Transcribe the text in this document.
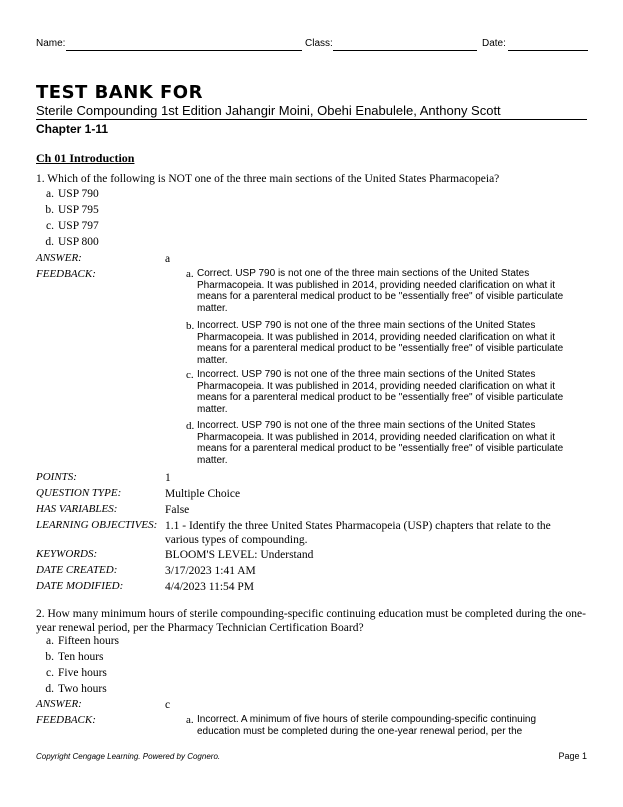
Name:	Class:	Date:
TEST BANK FOR
Sterile Compounding 1st Edition Jahangir Moini, Obehi Enabulele, Anthony Scott
Chapter 1-11
Ch 01 Introduction
1. Which of the following is NOT one of the three main sections of the United States Pharmacopeia?
a. USP 790
b. USP 795
c. USP 797
d. USP 800
ANSWER:	a
FEEDBACK:	a. Correct. USP 790 is not one of the three main sections of the United States Pharmacopeia. It was published in 2014, providing needed clarification on what it means for a parenteral medical product to be "essentially free" of visible particulate matter.
b. Incorrect. USP 790 is not one of the three main sections of the United States Pharmacopeia. It was published in 2014, providing needed clarification on what it means for a parenteral medical product to be "essentially free" of visible particulate matter.
c. Incorrect. USP 790 is not one of the three main sections of the United States Pharmacopeia. It was published in 2014, providing needed clarification on what it means for a parenteral medical product to be "essentially free" of visible particulate matter.
d. Incorrect. USP 790 is not one of the three main sections of the United States Pharmacopeia. It was published in 2014, providing needed clarification on what it means for a parenteral medical product to be "essentially free" of visible particulate matter.
POINTS:	1
QUESTION TYPE:	Multiple Choice
HAS VARIABLES:	False
LEARNING OBJECTIVES: 1.1 - Identify the three United States Pharmacopeia (USP) chapters that relate to the various types of compounding.
KEYWORDS:	BLOOM'S LEVEL: Understand
DATE CREATED:	3/17/2023 1:41 AM
DATE MODIFIED:	4/4/2023 11:54 PM
2. How many minimum hours of sterile compounding-specific continuing education must be completed during the one-year renewal period, per the Pharmacy Technician Certification Board?
a. Fifteen hours
b. Ten hours
c. Five hours
d. Two hours
ANSWER:	c
FEEDBACK:	a. Incorrect. A minimum of five hours of sterile compounding-specific continuing education must be completed during the one-year renewal period, per the
Copyright Cengage Learning. Powered by Cognero.	Page 1
